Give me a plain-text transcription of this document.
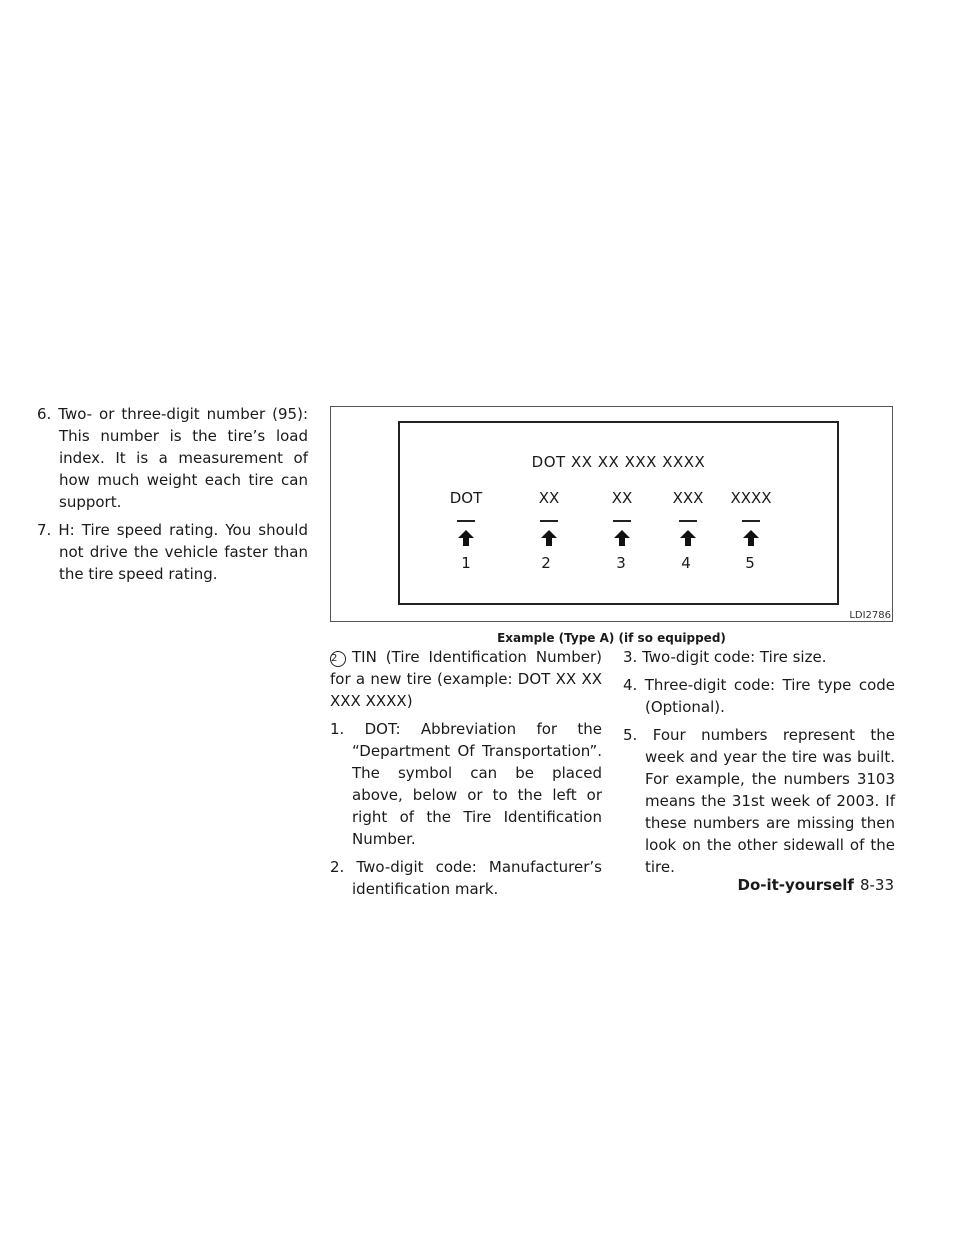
6. Two- or three-digit number (95): This number is the tire’s load index. It is a measurement of how much weight each tire can support.
7. H: Tire speed rating. You should not drive the vehicle faster than the tire speed rating.
DOT XX XX XXX XXXX
DOT	XX	XX	XXX	XXXX
1	2	3	4	5
LDI2786
Example (Type A) (if so equipped)
2 TIN (Tire Identification Number) for a new tire (example: DOT XX XX XXX XXXX)
1. DOT: Abbreviation for the “Department Of Transportation”. The symbol can be placed above, below or to the left or right of the Tire Identification Number.
2. Two-digit code: Manufacturer’s identification mark.
3. Two-digit code: Tire size.
4. Three-digit code: Tire type code (Optional).
5. Four numbers represent the week and year the tire was built. For example, the numbers 3103 means the 31st week of 2003. If these numbers are missing then look on the other sidewall of the tire.
Do-it-yourself 8-33
